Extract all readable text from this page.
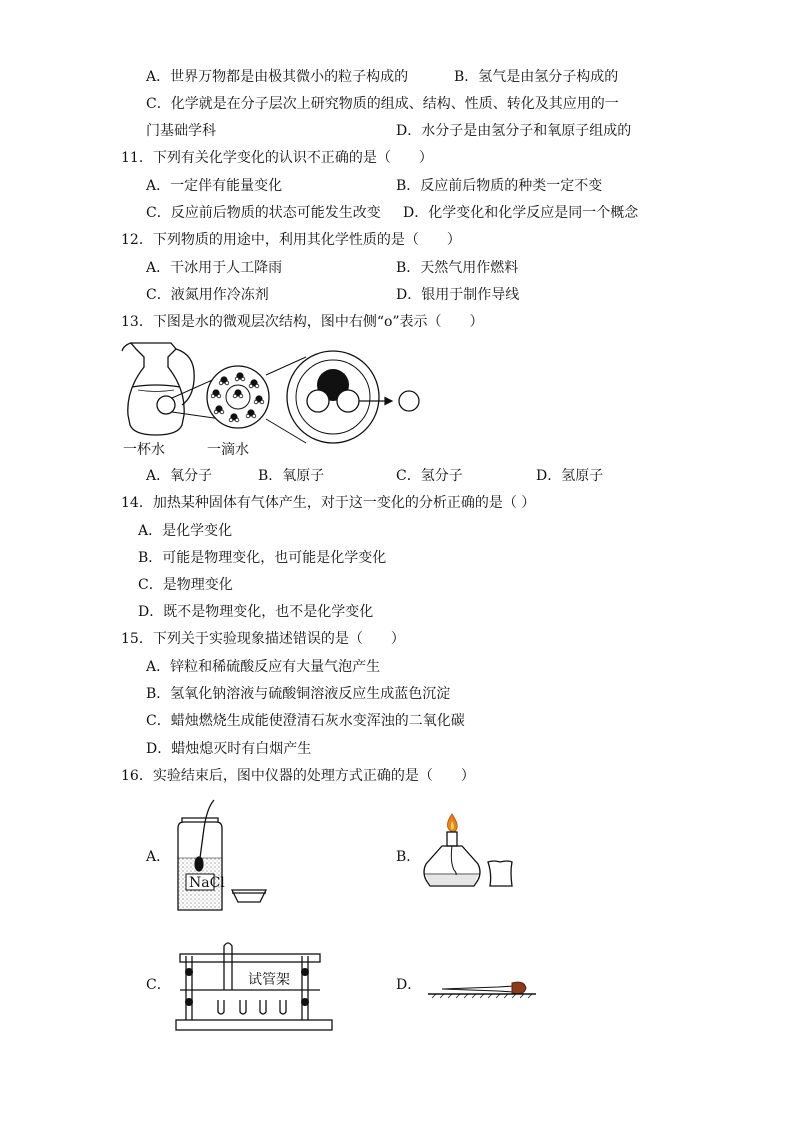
A．世界万物都是由极其微小的粒子构成的	B．氢气是由氢分子构成的
C．化学就是在分子层次上研究物质的组成、结构、性质、转化及其应用的一
门基础学科	D．水分子是由氢分子和氧原子组成的
11．下列有关化学变化的认识不正确的是（　　）
A．一定伴有能量变化	B．反应前后物质的种类一定不变
C．反应前后物质的状态可能发生改变 D．化学变化和化学反应是同一个概念
12．下列物质的用途中，利用其化学性质的是（　　）
A．干冰用于人工降雨	B．天然气用作燃料
C．液氮用作冷冻剂	D．银用于制作导线
13．下图是水的微观层次结构，图中右侧“o”表示（　　）
一杯水	一滴水
A．氧分子	B．氧原子	C．氢分子	D．氢原子
14．加热某种固体有气体产生，对于这一变化的分析正确的是（ ）
A．是化学变化
B．可能是物理变化，也可能是化学变化
C．是物理变化
D．既不是物理变化，也不是化学变化
15．下列关于实验现象描述错误的是（　　）
A．锌粒和稀硫酸反应有大量气泡产生
B．氢氧化钠溶液与硫酸铜溶液反应生成蓝色沉淀
C．蜡烛燃烧生成能使澄清石灰水变浑浊的二氧化碳
D．蜡烛熄灭时有白烟产生
16．实验结束后，图中仪器的处理方式正确的是（　　）
A．
NaCl
B．
C．	试管架	D．
